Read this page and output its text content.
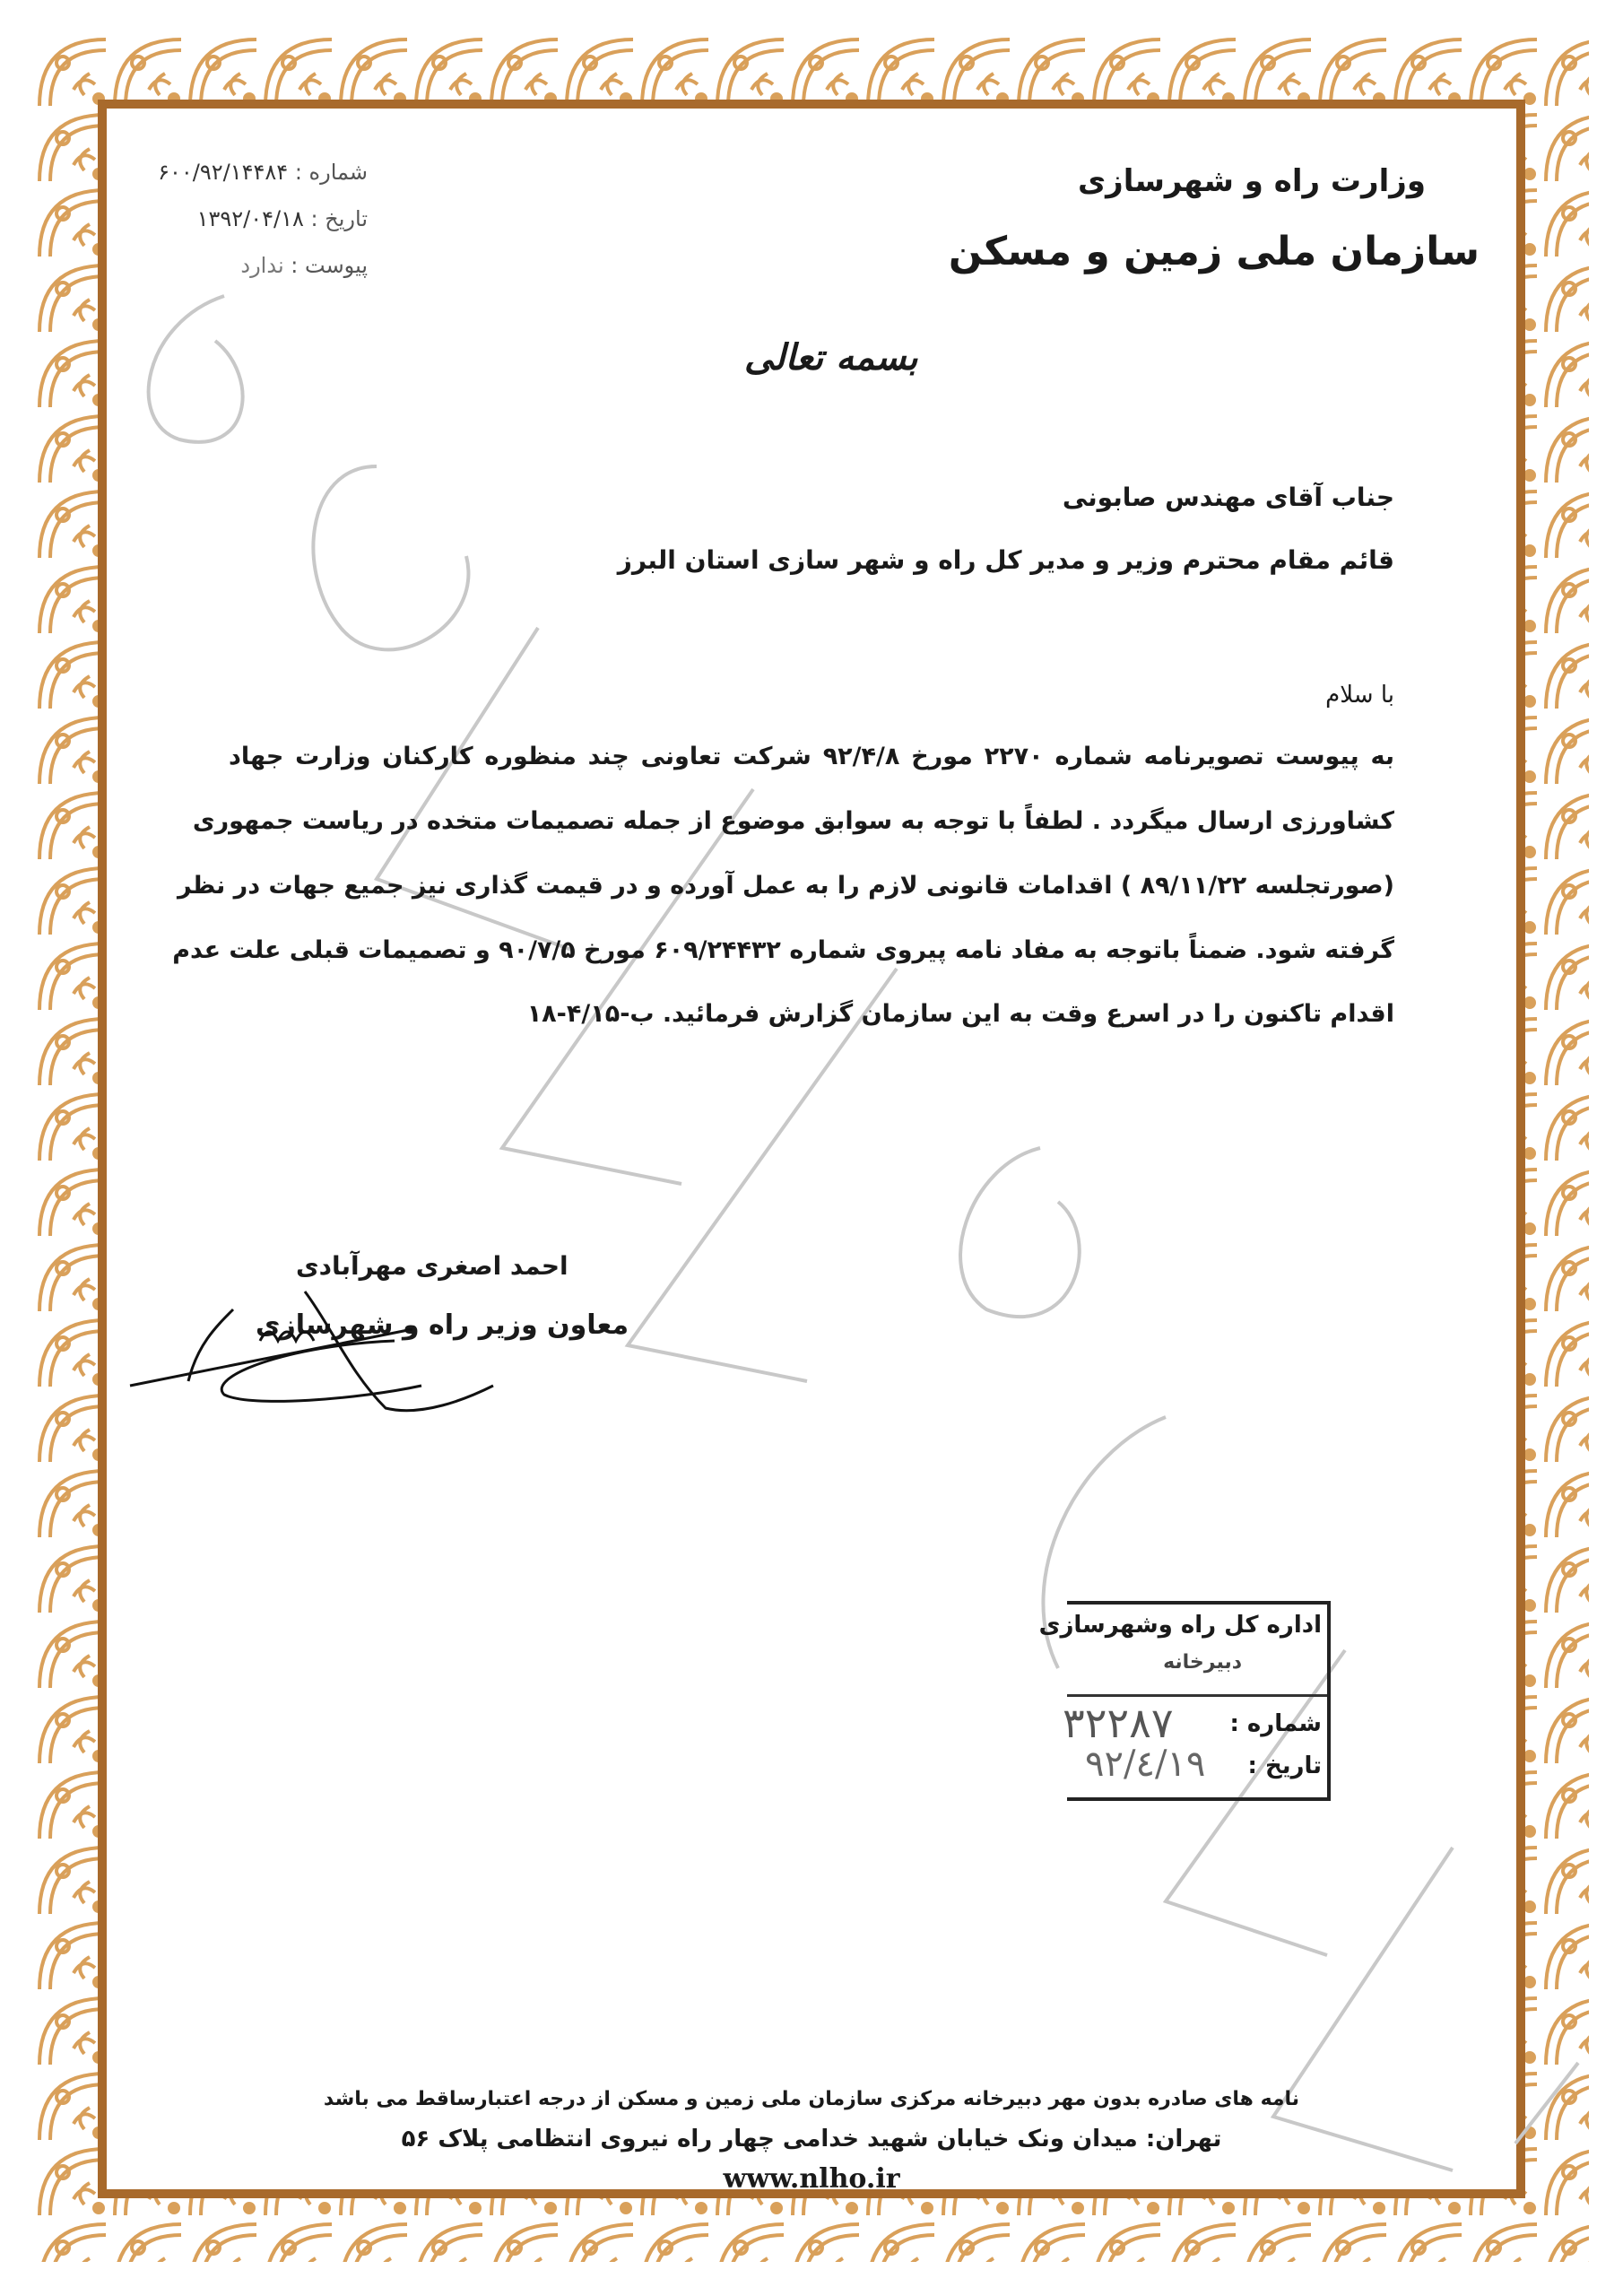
شماره : ۶۰۰/۹۲/۱۴۴۸۴
تاریخ : ۱۳۹۲/۰۴/۱۸
پیوست : ندارد
وزارت راه و شهرسازی
سازمان ملی زمین و مسکن
بسمه تعالی
جناب آقای مهندس صابونی
قائم مقام محترم وزیر و مدیر کل راه و شهر سازی استان البرز
با سلام
به پیوست تصویرنامه شماره ۲۲۷۰ مورخ ۹۲/۴/۸ شرکت تعاونی چند منظوره کارکنان وزارت جهاد
کشاورزی ارسال میگردد . لطفاً با توجه به سوابق موضوع از جمله تصمیمات متخده در ریاست جمهوری
(صورتجلسه ۸۹/۱۱/۲۲ ) اقدامات قانونی لازم را به عمل آورده و در قیمت گذاری نیز جمیع جهات در نظر
گرفته شود. ضمناً باتوجه به مفاد نامه پیروی شماره ۶۰۹/۲۴۴۳۲ مورخ ۹۰/۷/۵ و تصمیمات قبلی علت عدم
اقدام تاکنون را در اسرع وقت به این سازمان گزارش فرمائید. ب-۴/۱۵-۱۸
احمد اصغری مهرآبادی
معاون وزیر راه و شهرسازی
اداره کل راه وشهرسازی
دبیرخانه
شماره :
۳۲۲۸۷
تاریخ :
۹۲/٤/۱۹
نامه های صادره بدون مهر دبیرخانه مرکزی سازمان ملی زمین و مسکن از درجه اعتبارساقط می باشد
تهران: میدان ونک خیابان شهید خدامی چهار راه نیروی انتظامی پلاک ۵۶
www.nlho.ir
